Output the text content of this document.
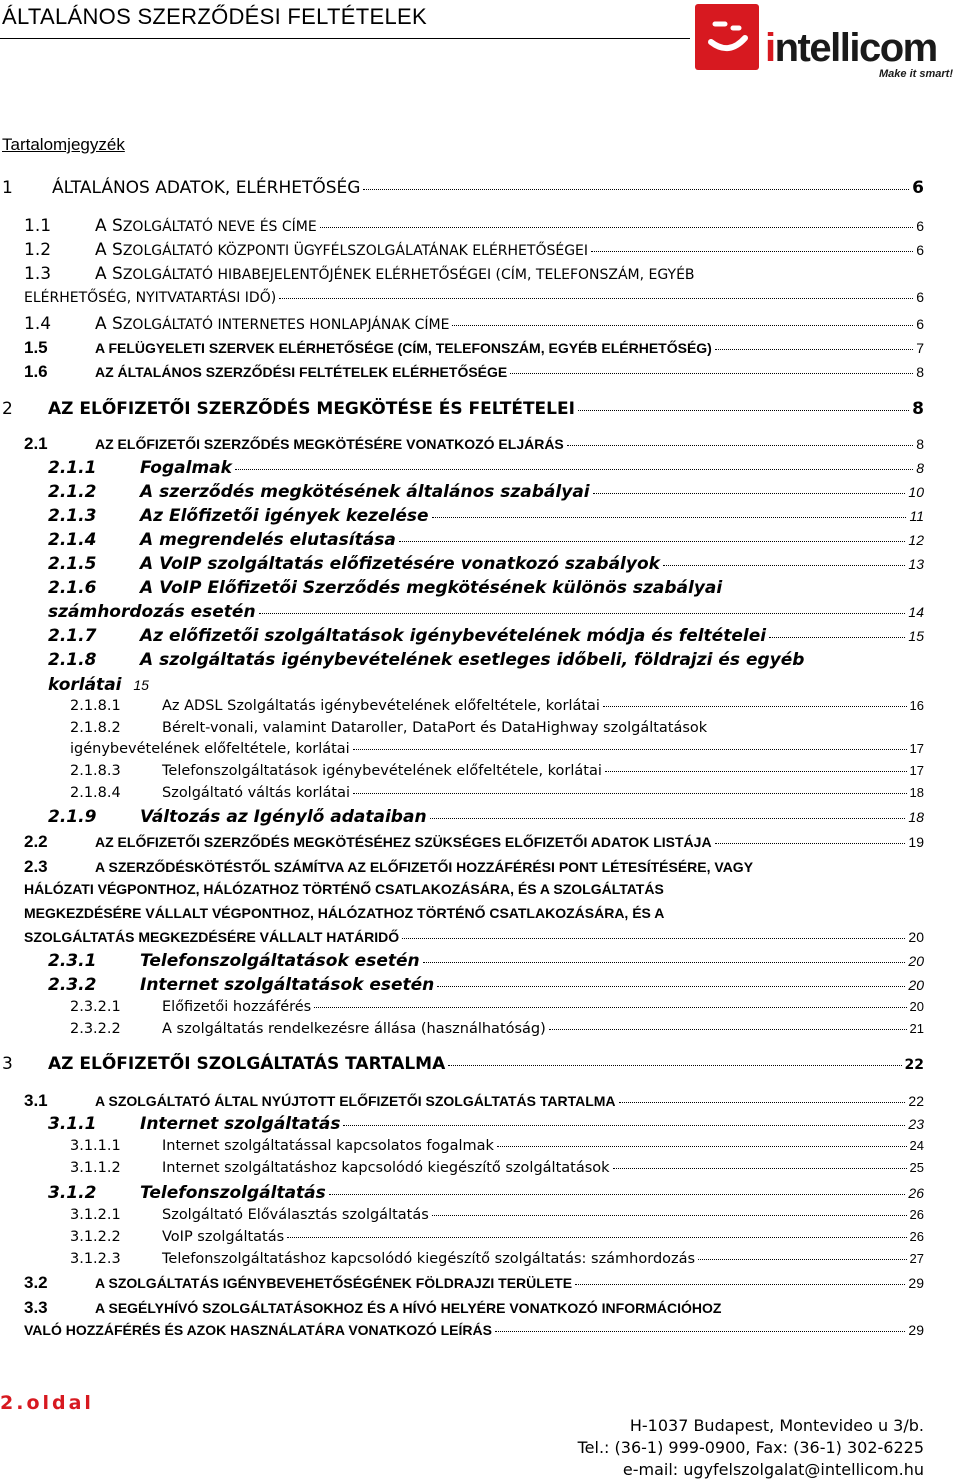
ÁLTALÁNOS SZERZŐDÉSI FELTÉTELEK
intellicom
Make it smart!
Tartalomjegyzék
1	ÁLTALÁNOS ADATOK, ELÉRHETŐSÉG	6
1.1	A SZOLGÁLTATÓ NEVE ÉS CÍME	6
1.2	A SZOLGÁLTATÓ KÖZPONTI ÜGYFÉLSZOLGÁLATÁNAK ELÉRHETŐSÉGEI	6
1.3	A SZOLGÁLTATÓ HIBABEJELENTŐJÉNEK ELÉRHETŐSÉGEI (CÍM, TELEFONSZÁM, EGYÉB
ELÉRHETŐSÉG, NYITVATARTÁSI IDŐ)	6
1.4	A SZOLGÁLTATÓ INTERNETES HONLAPJÁNAK CÍME	6
1.5	A FELÜGYELETI SZERVEK ELÉRHETŐSÉGE (CÍM, TELEFONSZÁM, EGYÉB ELÉRHETŐSÉG)	7
1.6	AZ ÁLTALÁNOS SZERZŐDÉSI FELTÉTELEK ELÉRHETŐSÉGE	8
2	AZ ELŐFIZETŐI SZERZŐDÉS MEGKÖTÉSE ÉS FELTÉTELEI	8
2.1	AZ ELŐFIZETŐI SZERZŐDÉS MEGKÖTÉSÉRE VONATKOZÓ ELJÁRÁS	8
2.1.1	Fogalmak	8
2.1.2	A szerződés megkötésének általános szabályai	10
2.1.3	Az Előfizetői igények kezelése	11
2.1.4	A megrendelés elutasítása	12
2.1.5	A VoIP szolgáltatás előfizetésére vonatkozó szabályok	13
2.1.6	A VoIP Előfizetői Szerződés megkötésének különös szabályai
számhordozás esetén	14
2.1.7	Az előfizetői szolgáltatások igénybevételének módja és feltételei	15
2.1.8	A szolgáltatás igénybevételének esetleges időbeli, földrajzi és egyéb
korlátai 15
2.1.8.1	Az ADSL Szolgáltatás igénybevételének előfeltétele, korlátai	16
2.1.8.2	Bérelt-vonali, valamint Dataroller, DataPort és DataHighway szolgáltatások
igénybevételének előfeltétele, korlátai	17
2.1.8.3	Telefonszolgáltatások igénybevételének előfeltétele, korlátai	17
2.1.8.4	Szolgáltató váltás korlátai	18
2.1.9	Változás az Igénylő adataiban	18
2.2	AZ ELŐFIZETŐI SZERZŐDÉS MEGKÖTÉSÉHEZ SZÜKSÉGES ELŐFIZETŐI ADATOK LISTÁJA	19
2.3	A SZERZŐDÉSKÖTÉSTŐL SZÁMÍTVA AZ ELŐFIZETŐI HOZZÁFÉRÉSI PONT LÉTESÍTÉSÉRE, VAGY
HÁLÓZATI VÉGPONTHOZ, HÁLÓZATHOZ TÖRTÉNŐ CSATLAKOZÁSÁRA, ÉS A SZOLGÁLTATÁS
MEGKEZDÉSÉRE VÁLLALT VÉGPONTHOZ, HÁLÓZATHOZ TÖRTÉNŐ CSATLAKOZÁSÁRA, ÉS A
SZOLGÁLTATÁS MEGKEZDÉSÉRE VÁLLALT HATÁRIDŐ	20
2.3.1	Telefonszolgáltatások esetén	20
2.3.2	Internet szolgáltatások esetén	20
2.3.2.1	Előfizetői hozzáférés	20
2.3.2.2	A szolgáltatás rendelkezésre állása (használhatóság)	21
3	AZ ELŐFIZETŐI SZOLGÁLTATÁS TARTALMA	22
3.1	A SZOLGÁLTATÓ ÁLTAL NYÚJTOTT ELŐFIZETŐI SZOLGÁLTATÁS TARTALMA	22
3.1.1	Internet szolgáltatás	23
3.1.1.1	Internet szolgáltatással kapcsolatos fogalmak	24
3.1.1.2	Internet szolgáltatáshoz kapcsolódó kiegészítő szolgáltatások	25
3.1.2	Telefonszolgáltatás	26
3.1.2.1	Szolgáltató Előválasztás szolgáltatás	26
3.1.2.2	VoIP szolgáltatás	26
3.1.2.3	Telefonszolgáltatáshoz kapcsolódó kiegészítő szolgáltatás: számhordozás	27
3.2	A SZOLGÁLTATÁS IGÉNYBEVEHETŐSÉGÉNEK FÖLDRAJZI TERÜLETE	29
3.3	A SEGÉLYHÍVÓ SZOLGÁLTATÁSOKHOZ ÉS A HÍVÓ HELYÉRE VONATKOZÓ INFORMÁCIÓHOZ
VALÓ HOZZÁFÉRÉS ÉS AZOK HASZNÁLATÁRA VONATKOZÓ LEÍRÁS	29
2.oldal
H-1037 Budapest, Montevideo u 3/b.
Tel.: (36-1) 999-0900, Fax: (36-1) 302-6225
e-mail: ugyfelszolgalat@intellicom.hu
